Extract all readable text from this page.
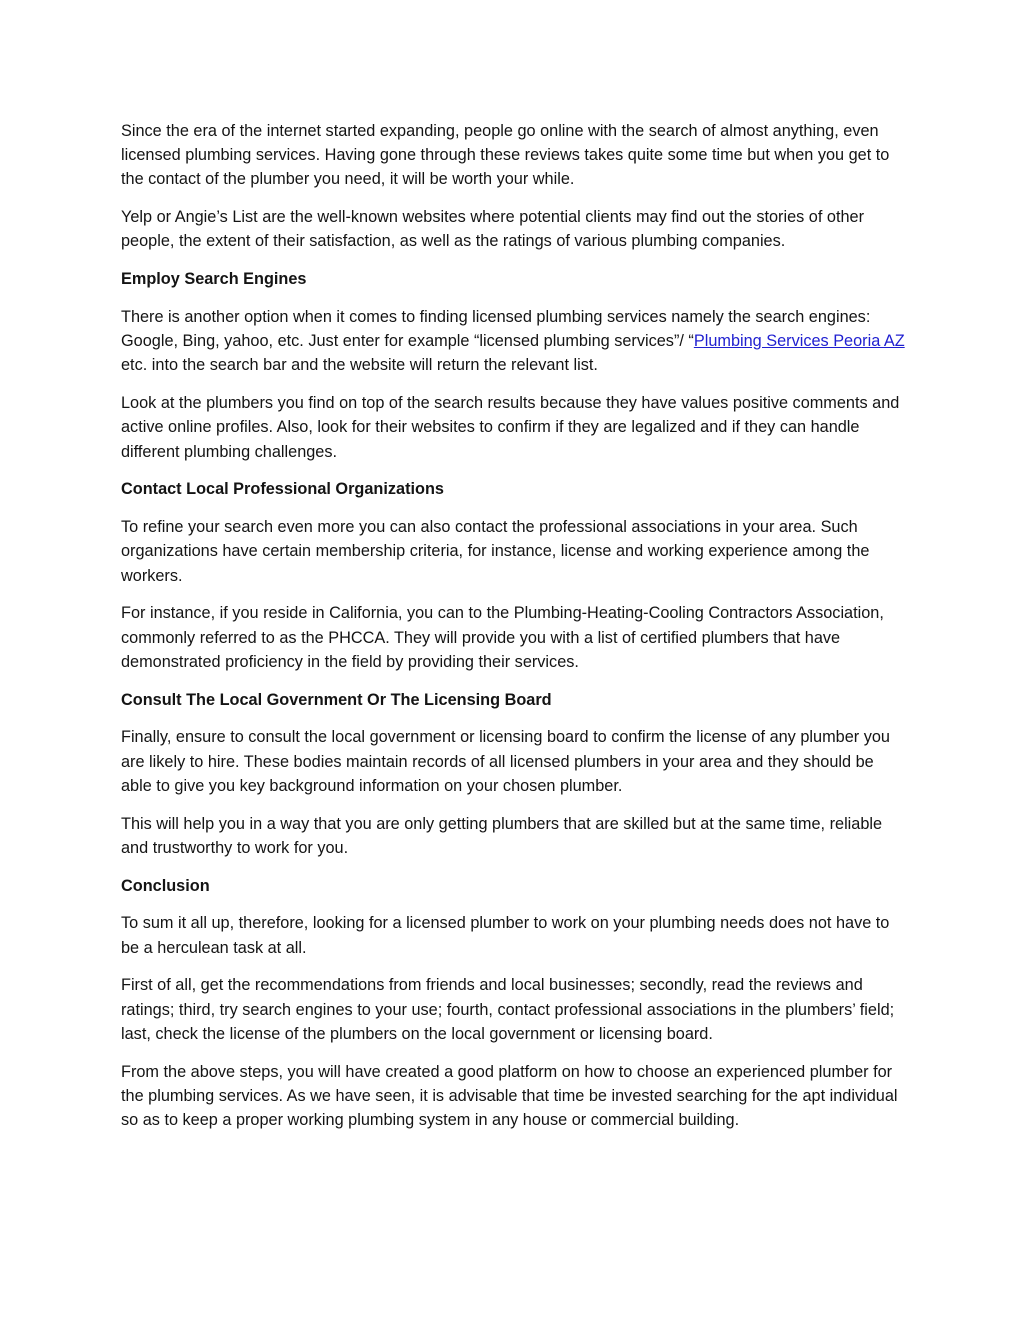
Since the era of the internet started expanding, people go online with the search of almost anything, even licensed plumbing services. Having gone through these reviews takes quite some time but when you get to the contact of the plumber you need, it will be worth your while.

Yelp or Angie’s List are the well-known websites where potential clients may find out the stories of other people, the extent of their satisfaction, as well as the ratings of various plumbing companies.

Employ Search Engines

There is another option when it comes to finding licensed plumbing services namely the search engines: Google, Bing, yahoo, etc. Just enter for example “licensed plumbing services”/ “Plumbing Services Peoria AZ etc. into the search bar and the website will return the relevant list.

Look at the plumbers you find on top of the search results because they have values positive comments and active online profiles. Also, look for their websites to confirm if they are legalized and if they can handle different plumbing challenges.

Contact Local Professional Organizations

To refine your search even more you can also contact the professional associations in your area. Such organizations have certain membership criteria, for instance, license and working experience among the workers.

For instance, if you reside in California, you can to the Plumbing-Heating-Cooling Contractors Association, commonly referred to as the PHCCA. They will provide you with a list of certified plumbers that have demonstrated proficiency in the field by providing their services.

Consult The Local Government Or The Licensing Board

Finally, ensure to consult the local government or licensing board to confirm the license of any plumber you are likely to hire. These bodies maintain records of all licensed plumbers in your area and they should be able to give you key background information on your chosen plumber.

This will help you in a way that you are only getting plumbers that are skilled but at the same time, reliable and trustworthy to work for you.

Conclusion

To sum it all up, therefore, looking for a licensed plumber to work on your plumbing needs does not have to be a herculean task at all.

First of all, get the recommendations from friends and local businesses; secondly, read the reviews and ratings; third, try search engines to your use; fourth, contact professional associations in the plumbers’ field; last, check the license of the plumbers on the local government or licensing board.

From the above steps, you will have created a good platform on how to choose an experienced plumber for the plumbing services. As we have seen, it is advisable that time be invested searching for the apt individual so as to keep a proper working plumbing system in any house or commercial building.
